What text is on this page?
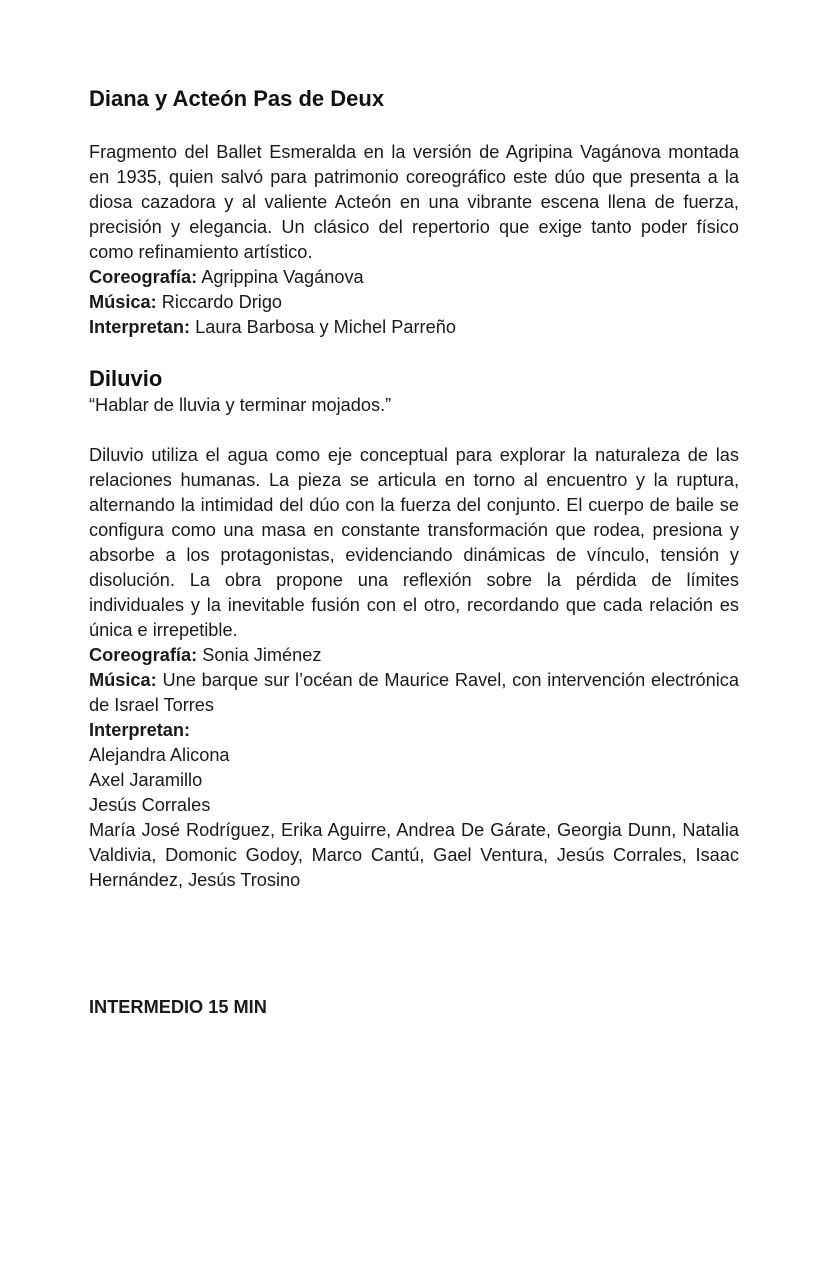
Diana y Acteón Pas de Deux

Fragmento del Ballet Esmeralda en la versión de Agripina Vagánova montada en 1935, quien salvó para patrimonio coreográfico este dúo que presenta a la diosa cazadora y al valiente Acteón en una vibrante escena llena de fuerza, precisión y elegancia. Un clásico del repertorio que exige tanto poder físico como refinamiento artístico.

Coreografía: Agrippina Vagánova

Música: Riccardo Drigo

Interpretan: Laura Barbosa y Michel Parreño

Diluvio

“Hablar de lluvia y terminar mojados.”

Diluvio utiliza el agua como eje conceptual para explorar la naturaleza de las relaciones humanas. La pieza se articula en torno al encuentro y la ruptura, alternando la intimidad del dúo con la fuerza del conjunto. El cuerpo de baile se configura como una masa en constante transformación que rodea, presiona y absorbe a los protagonistas, evidenciando dinámicas de vínculo, tensión y disolución. La obra propone una reflexión sobre la pérdida de límites individuales y la inevitable fusión con el otro, recordando que cada relación es única e irrepetible.

Coreografía: Sonia Jiménez

Música: Une barque sur l’océan de Maurice Ravel, con intervención electrónica de Israel Torres

Interpretan:

Alejandra Alicona

Axel Jaramillo

Jesús Corrales

María José Rodríguez, Erika Aguirre, Andrea De Gárate, Georgia Dunn, Natalia Valdivia, Domonic Godoy, Marco Cantú, Gael Ventura, Jesús Corrales, Isaac Hernández, Jesús Trosino

INTERMEDIO 15 MIN
